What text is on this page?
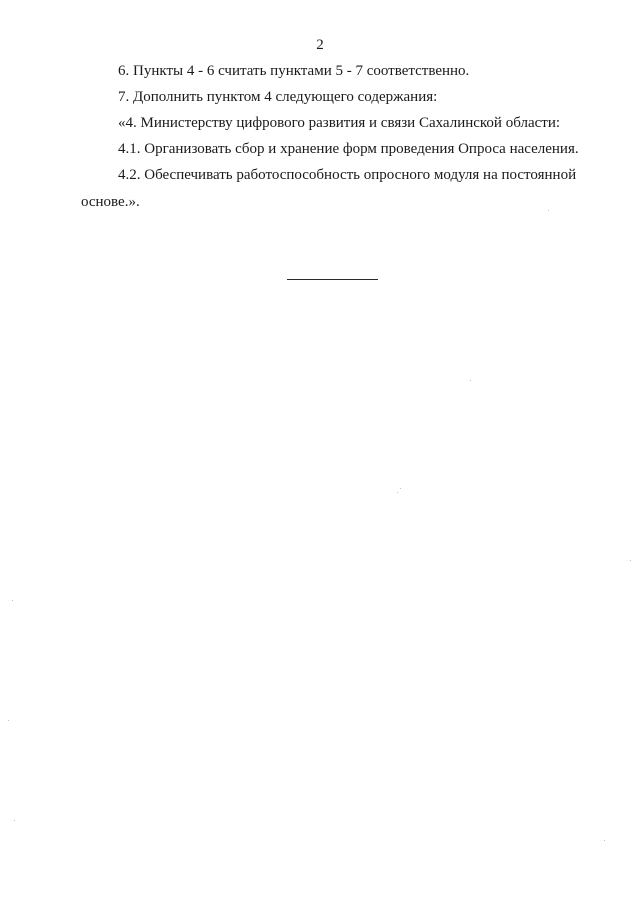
2
6. Пункты 4 - 6 считать пунктами 5 - 7 соответственно.
7. Дополнить пунктом 4 следующего содержания:
«4. Министерству цифрового развития и связи Сахалинской области:
4.1. Организовать сбор и хранение форм проведения Опроса населения.
4.2. Обеспечивать работоспособность опросного модуля на постоянной
основе.».
